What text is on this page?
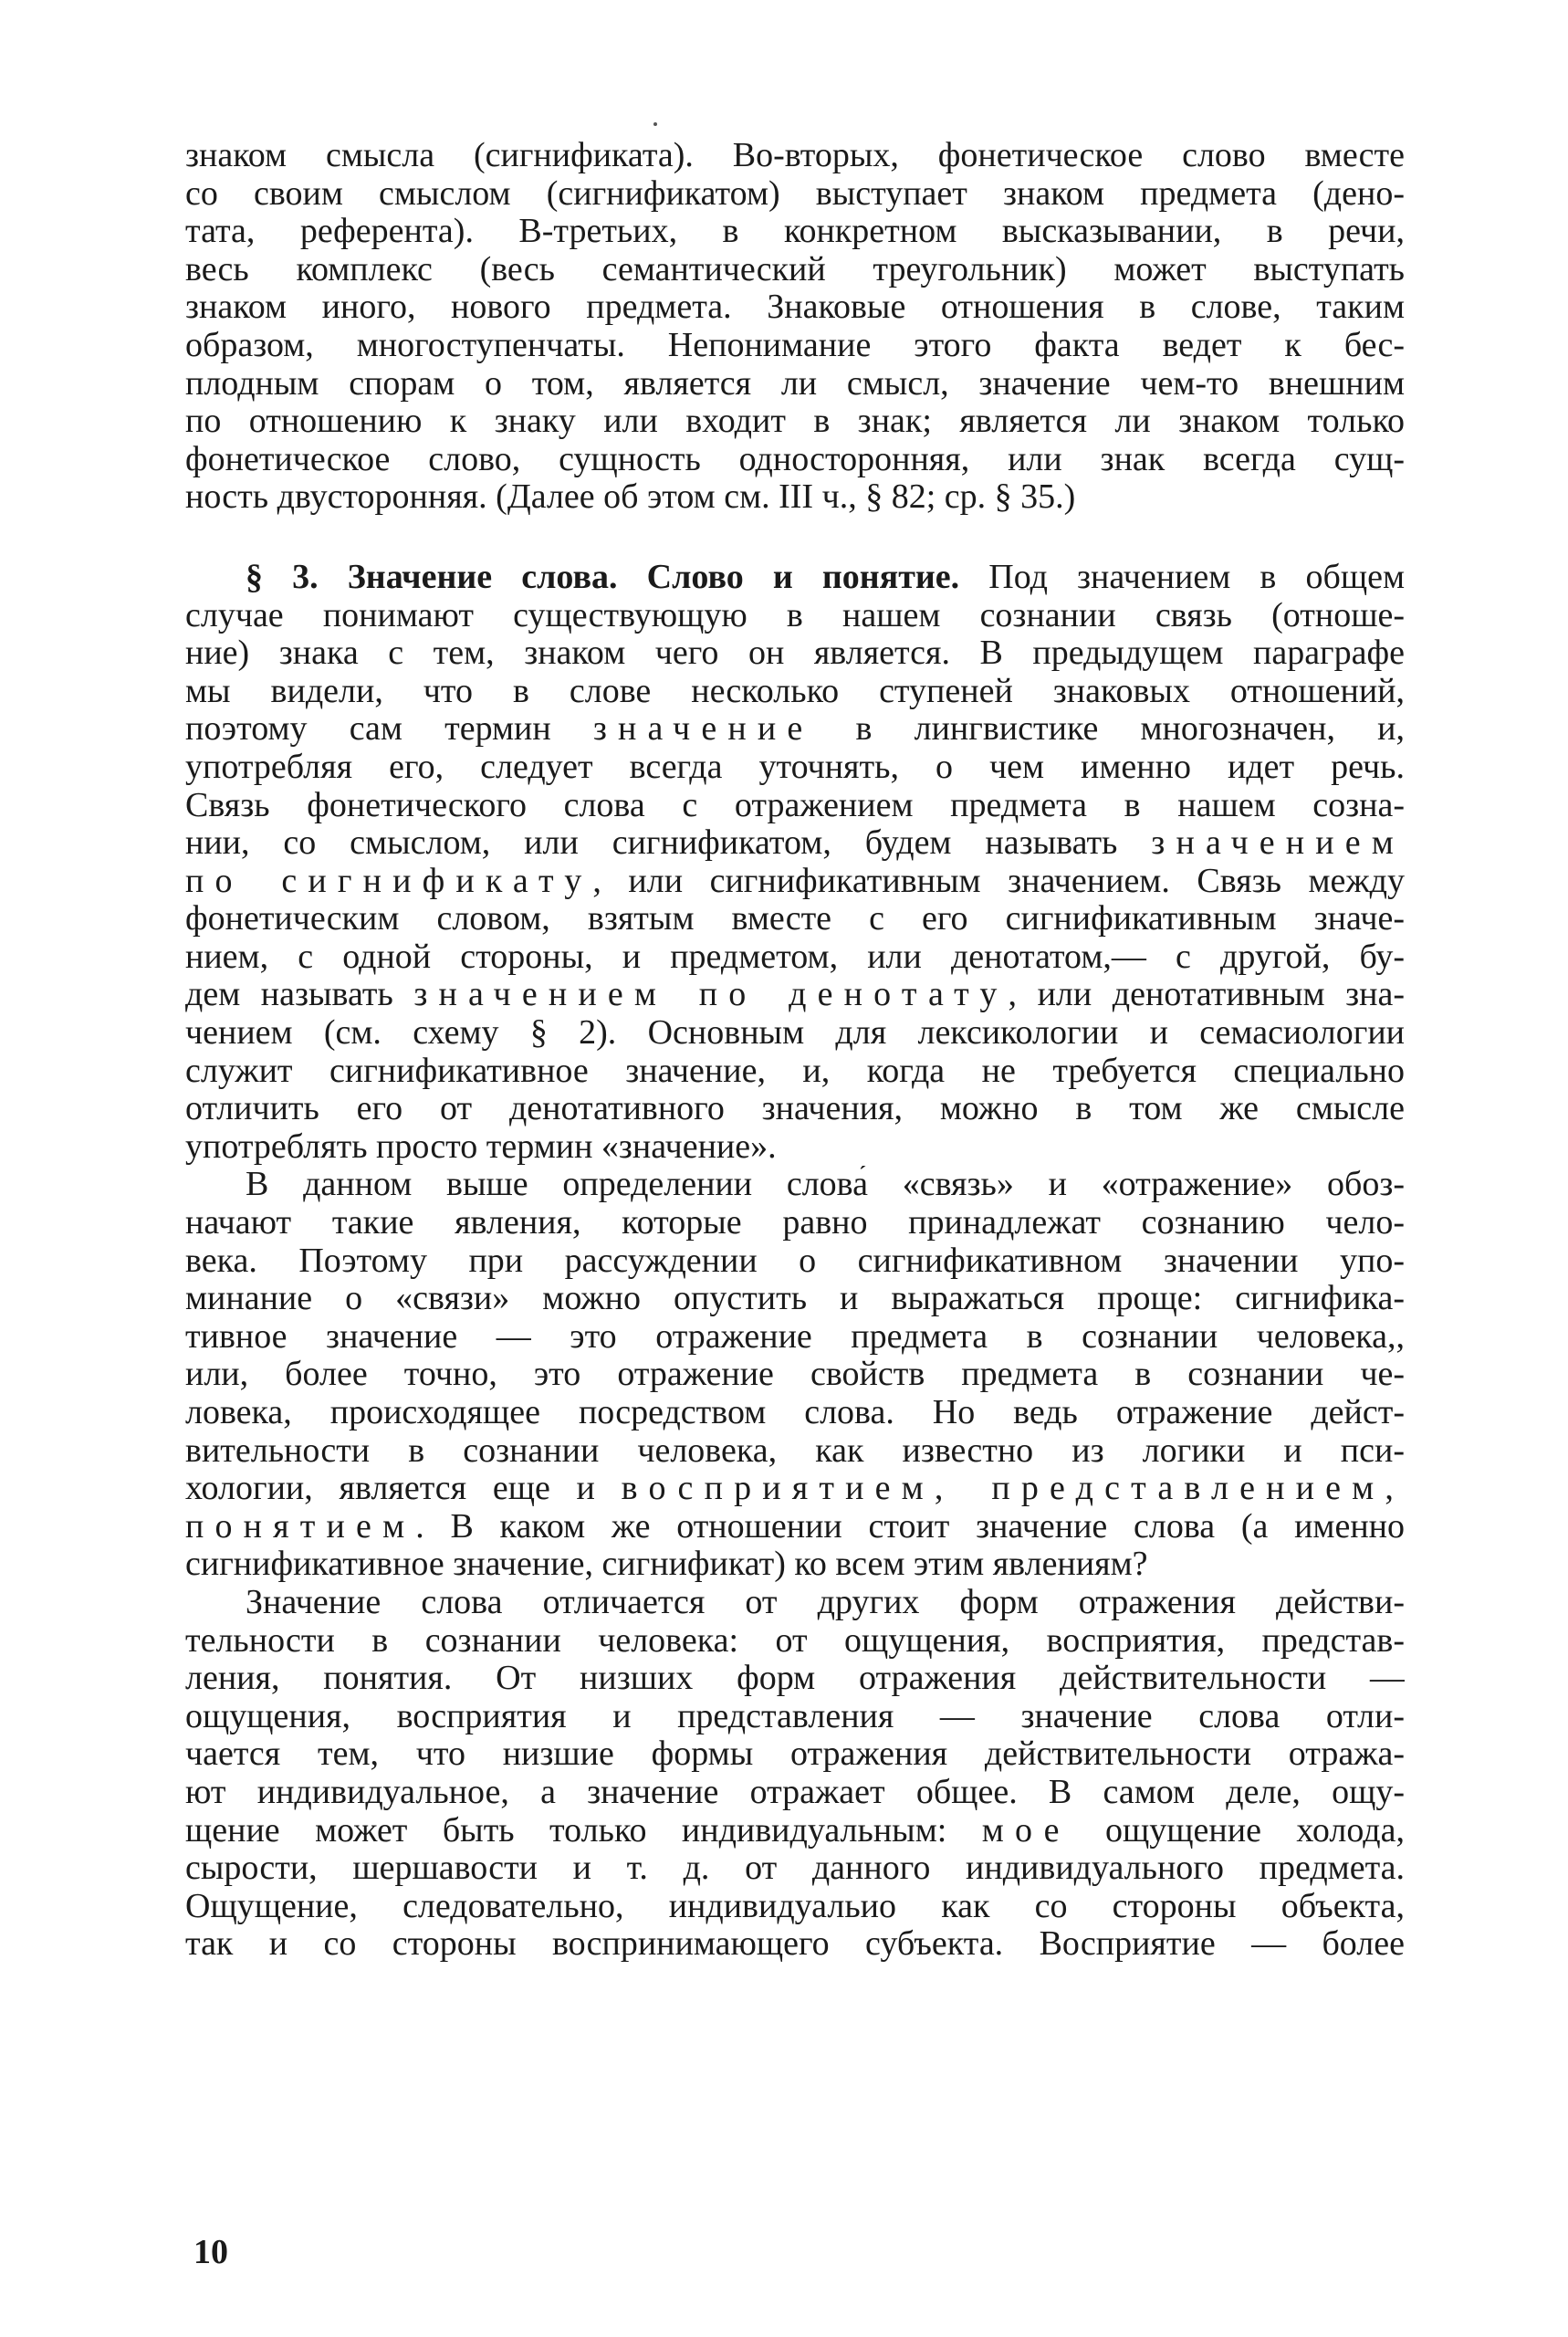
знаком смысла (сигнификата). Во-вторых, фонетическое слово вместе
со своим смыслом (сигнификатом) выступает знаком предмета (дено-
тата, референта). В-третьих, в конкретном высказывании, в речи,
весь комплекс (весь семантический треугольник) может выступать
знаком иного, нового предмета. Знаковые отношения в слове, таким
образом, многоступенчаты. Непонимание этого факта ведет к бес-
плодным спорам о том, является ли смысл, значение чем-то внешним
по отношению к знаку или входит в знак; является ли знаком только
фонетическое слово, сущность односторонняя, или знак всегда сущ-
ность двусторонняя. (Далее об этом см. III ч., § 82; ср. § 35.)
§ 3. Значение слова. Слово и понятие. Под значением в общем
случае понимают существующую в нашем сознании связь (отноше-
ние) знака с тем, знаком чего он является. В предыдущем параграфе
мы видели, что в слове несколько ступеней знаковых отношений,
поэтому сам термин значение в лингвистике многозначен, и,
употребляя его, следует всегда уточнять, о чем именно идет речь.
Связь фонетического слова с отражением предмета в нашем созна-
нии, со смыслом, или сигнификатом, будем называть значением
по сигнификату, или сигнификативным значением. Связь между
фонетическим словом, взятым вместе с его сигнификативным значе-
нием, с одной стороны, и предметом, или денотатом,— с другой, бу-
дем называть значением по денотату, или денотативным зна-
чением (см. схему § 2). Основным для лексикологии и семасиологии
служит сигнификативное значение, и, когда не требуется специально
отличить его от денотативного значения, можно в том же смысле
употреблять просто термин «значение».
В данном выше определении слова́ «связь» и «отражение» обоз-
начают такие явления, которые равно принадлежат сознанию чело-
века. Поэтому при рассуждении о сигнификативном значении упо-
минание о «связи» можно опустить и выражаться проще: сигнифика-
тивное значение — это отражение предмета в сознании человека,,
или, более точно, это отражение свойств предмета в сознании че-
ловека, происходящее посредством слова. Но ведь отражение дейст-
вительности в сознании человека, как известно из логики и пси-
хологии, является еще и восприятием, представлением,
понятием. В каком же отношении стоит значение слова (а именно
сигнификативное значение, сигнификат) ко всем этим явлениям?
Значение слова отличается от других форм отражения действи-
тельности в сознании человека: от ощущения, восприятия, представ-
ления, понятия. От низших форм отражения действительности —
ощущения, восприятия и представления — значение слова отли-
чается тем, что низшие формы отражения действительности отража-
ют индивидуальное, а значение отражает общее. В самом деле, ощу-
щение может быть только индивидуальным: мое ощущение холода,
сырости, шершавости и т. д. от данного индивидуального предмета.
Ощущение, следовательно, индивидуальио как со стороны объекта,
так и со стороны воспринимающего субъекта. Восприятие — более
10
